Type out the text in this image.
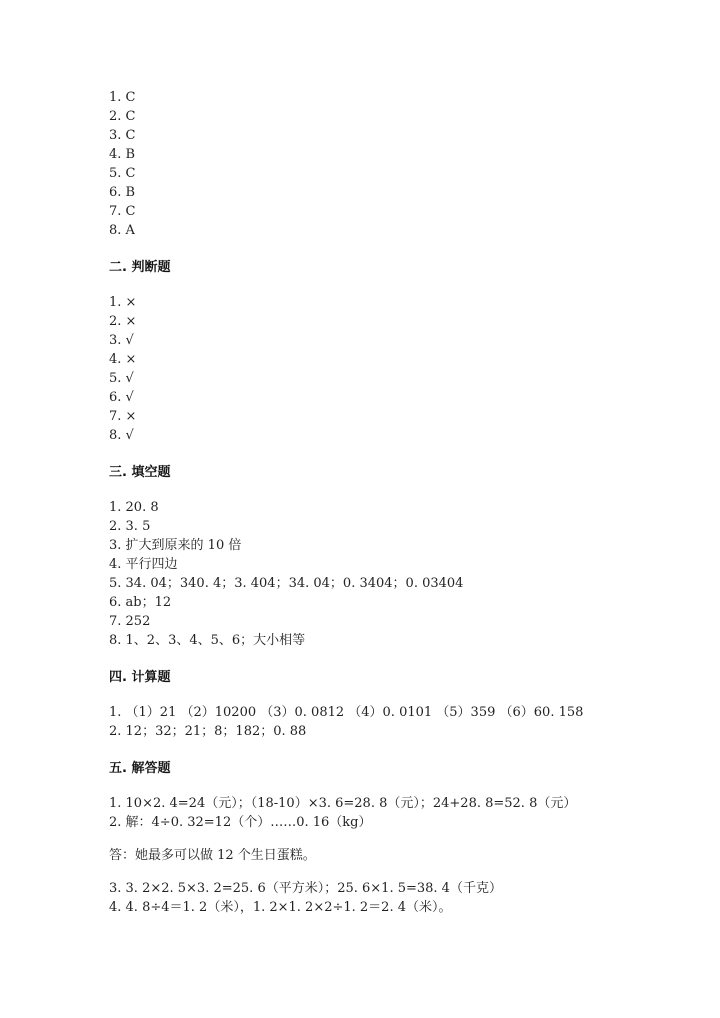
1. C
2. C
3. C
4. B
5. C
6. B
7. C
8. A
二. 判断题
1. ×
2. ×
3. √
4. ×
5. √
6. √
7. ×
8. √
三. 填空题
1. 20. 8
2. 3. 5
3. 扩大到原来的 10 倍
4. 平行四边
5. 34. 04；340. 4；3. 404；34. 04；0. 3404；0. 03404
6. ab；12
7. 252
8. 1、2、3、4、5、6；大小相等
四. 计算题
1. （1）21 （2）10200 （3）0. 0812 （4）0. 0101 （5）359 （6）60. 158
2. 12；32；21；8；182；0. 88
五. 解答题
1. 10×2. 4=24（元）；（18-10）×3. 6=28. 8（元）；24+28. 8=52. 8（元）
2. 解：4÷0. 32=12（个）……0. 16（kg）
答：她最多可以做 12 个生日蛋糕。
3. 3. 2×2. 5×3. 2=25. 6（平方米）；25. 6×1. 5=38. 4（千克）
4. 4. 8÷4＝1. 2（米），1. 2×1. 2×2÷1. 2＝2. 4（米）。
